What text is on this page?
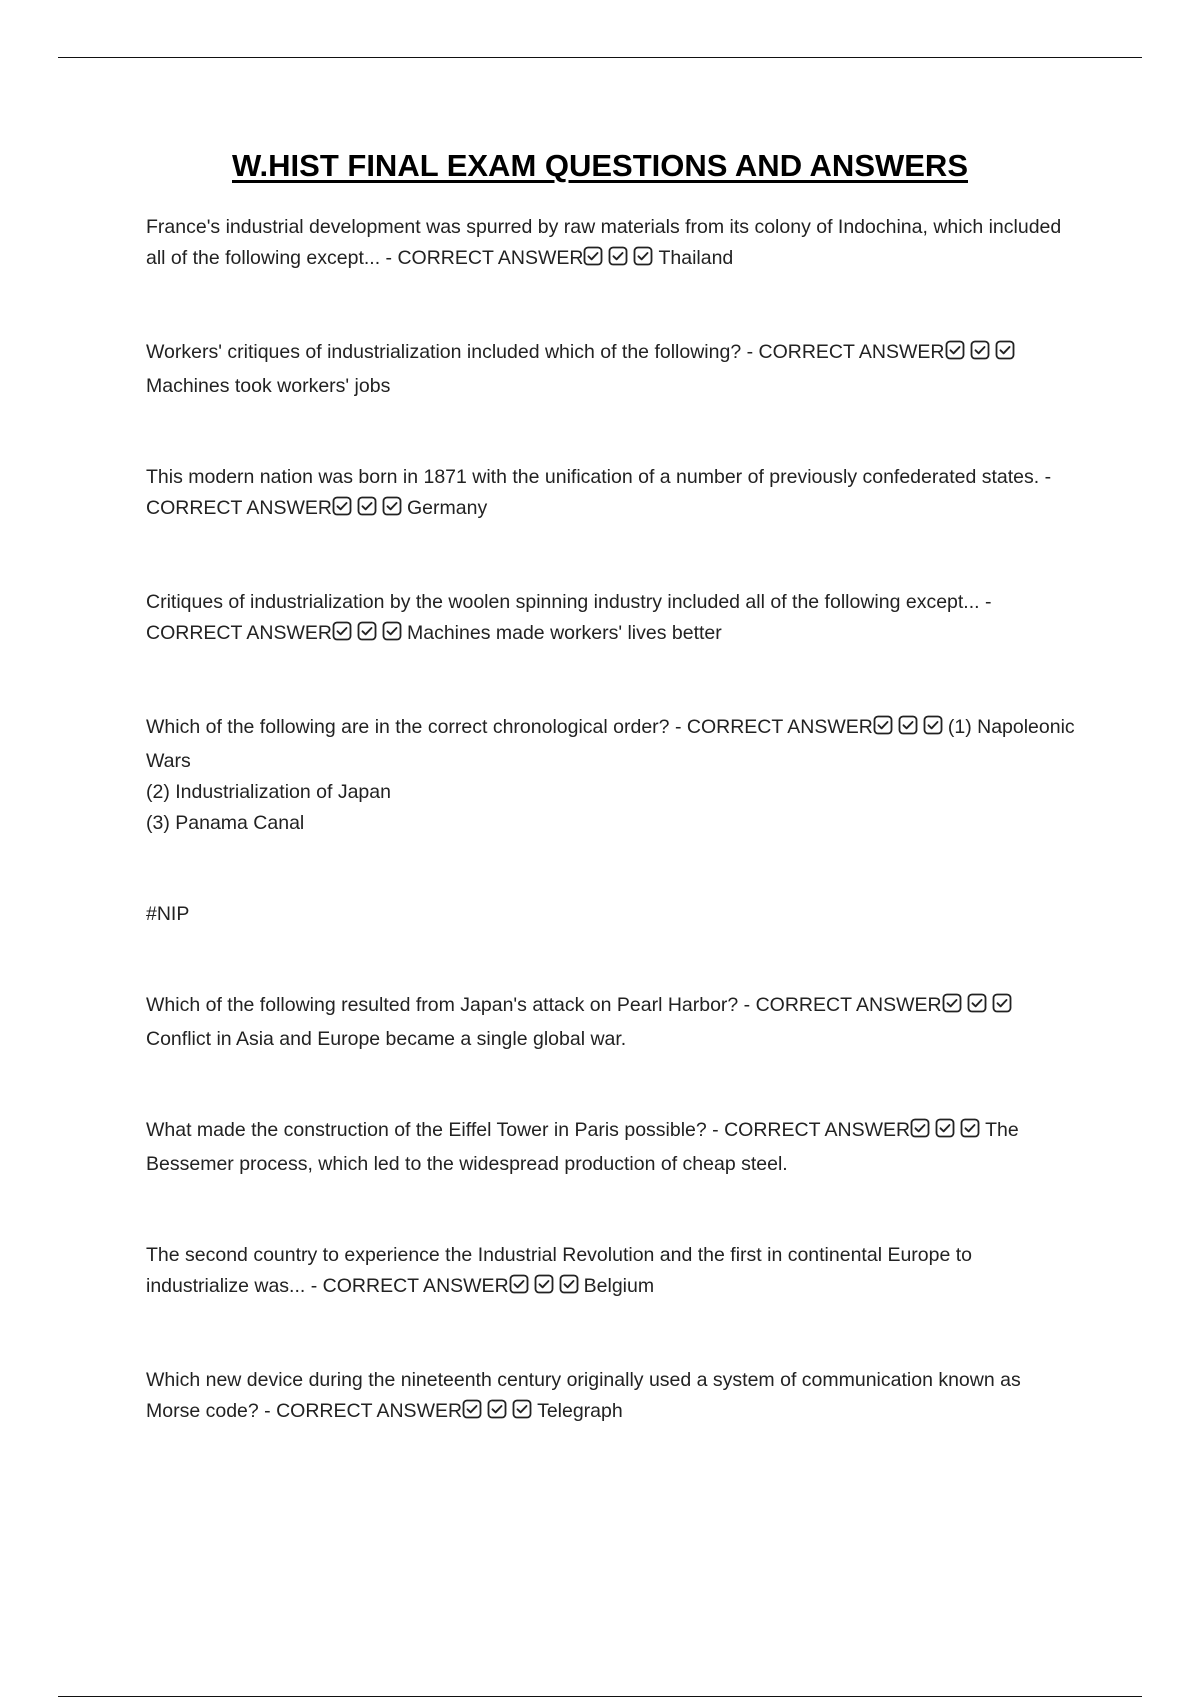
W.HIST FINAL EXAM QUESTIONS AND ANSWERS

France's industrial development was spurred by raw materials from its colony of Indochina, which included all of the following except... - CORRECT ANSWER	Thailand

Workers' critiques of industrialization included which of the following? - CORRECT ANSWER
Machines took workers' jobs

This modern nation was born in 1871 with the unification of a number of previously confederated states. - CORRECT ANSWER	Germany

Critiques of industrialization by the woolen spinning industry included all of the following except... - CORRECT ANSWER	Machines made workers' lives better

Which of the following are in the correct chronological order? - CORRECT ANSWER	(1) Napoleonic Wars

(2) Industrialization of Japan

(3) Panama Canal

#NIP

Which of the following resulted from Japan's attack on Pearl Harbor? - CORRECT ANSWER
Conflict in Asia and Europe became a single global war.

What made the construction of the Eiffel Tower in Paris possible? - CORRECT ANSWER	The Bessemer process, which led to the widespread production of cheap steel.

The second country to experience the Industrial Revolution and the first in continental Europe to industrialize was... - CORRECT ANSWER	Belgium

Which new device during the nineteenth century originally used a system of communication known as Morse code? - CORRECT ANSWER	Telegraph
